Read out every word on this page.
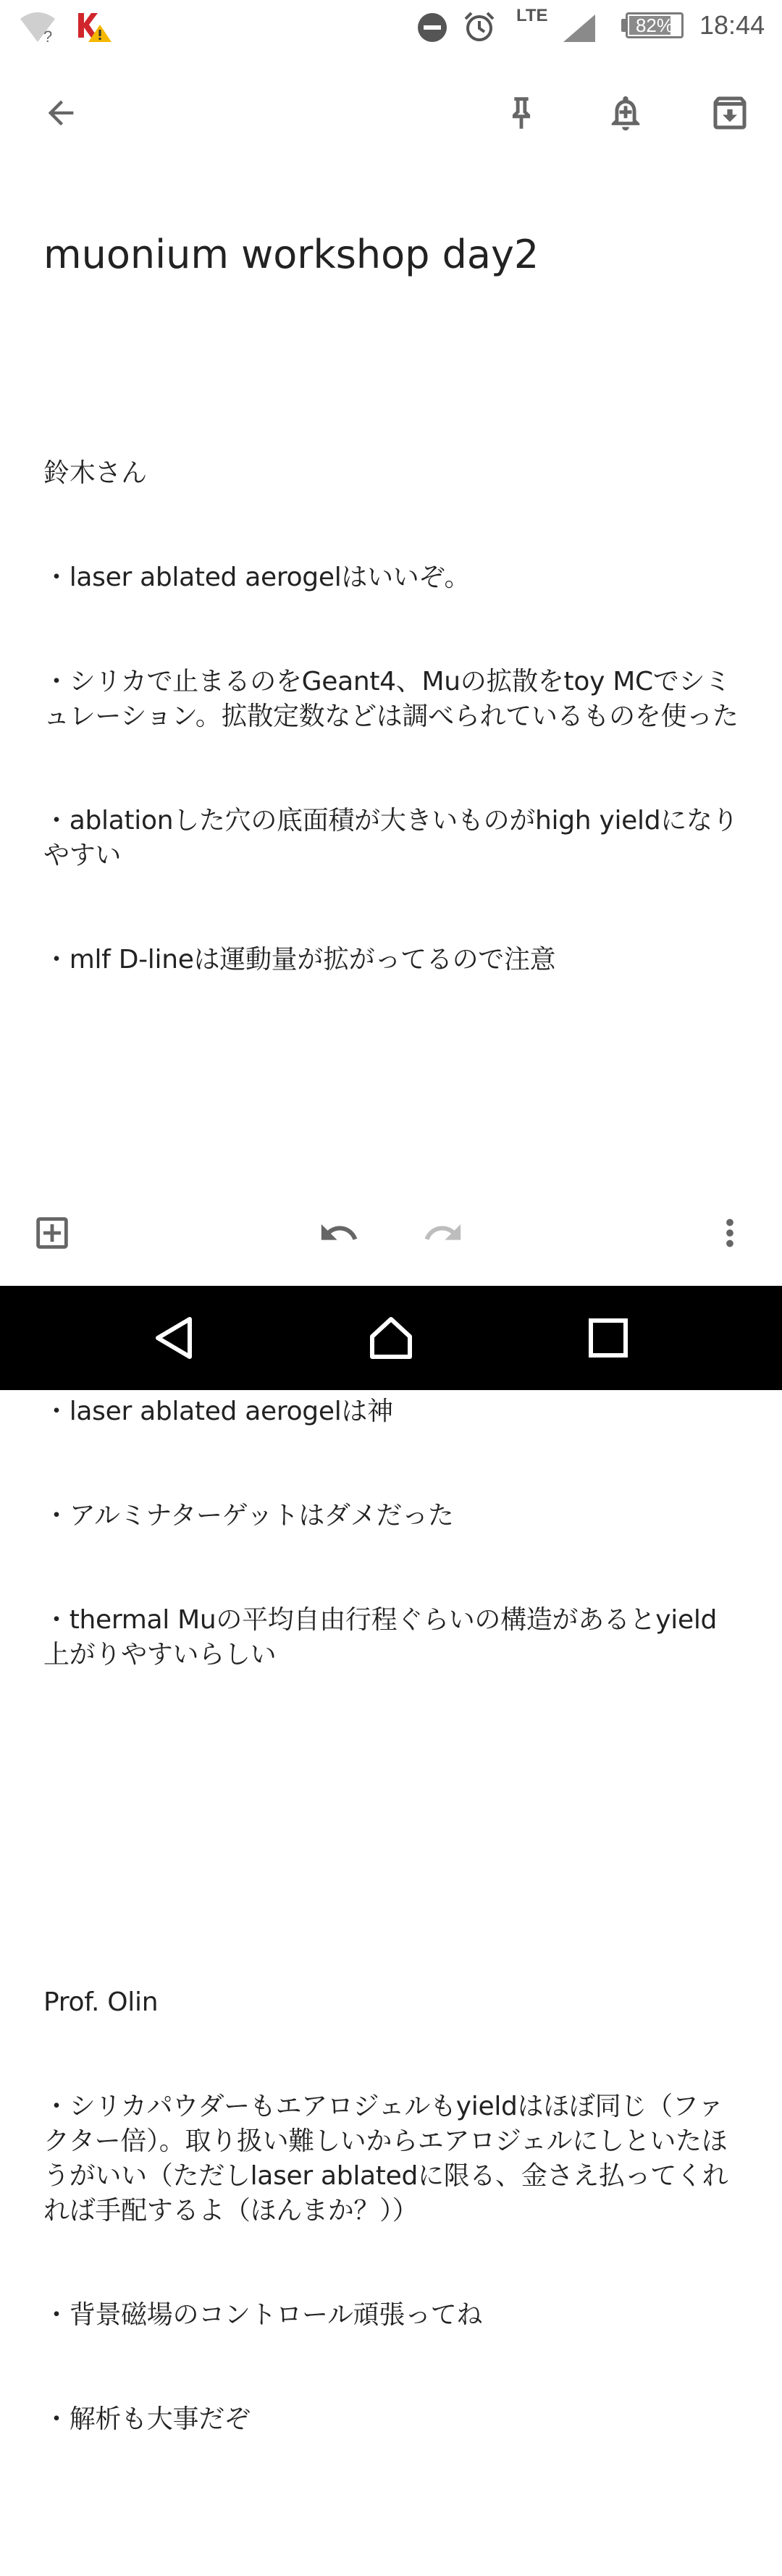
?
LTE	82% 18:44
muonium workshop day2

鈴木さん

・laser ablated aerogelはいいぞ。

・シリカで止まるのをGeant4、Muの拡散をtoy MCでシミュレーション。拡散定数などは調べられているものを使った

・ablationした穴の底面積が大きいものがhigh yieldになりやすい

・mlf D-lineは運動量が拡がってるので注意

・laser ablated aerogelは神

・アルミナターゲットはダメだった

・thermal Muの平均自由行程ぐらいの構造があるとyield上がりやすいらしい

Prof. Olin

・シリカパウダーもエアロジェルもyieldはほぼ同じ（ファクター倍）。取り扱い難しいからエアロジェルにしといたほうがいい（ただしlaser ablatedに限る、金さえ払ってくれれば手配するよ（ほんまか？））

・背景磁場のコントロール頑張ってね

・解析も大事だぞ
